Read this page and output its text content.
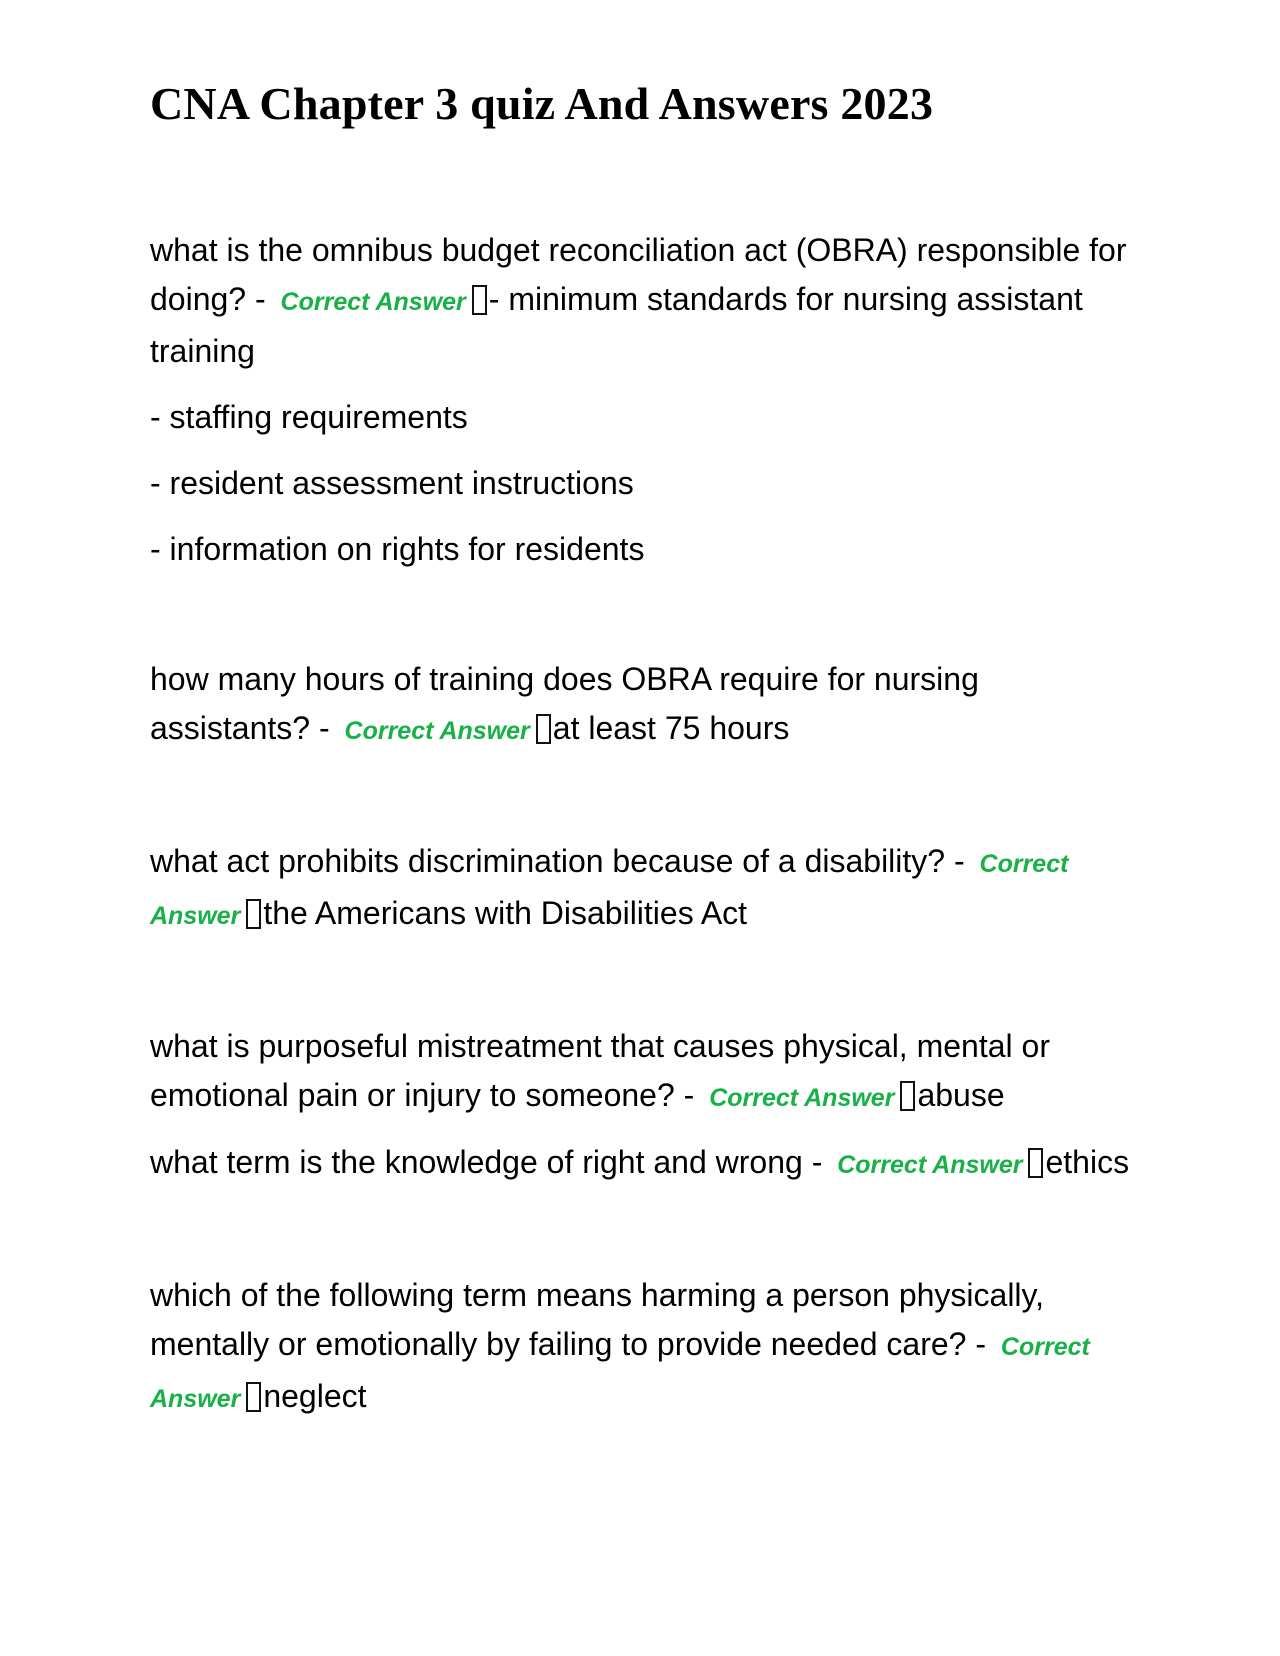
CNA Chapter 3 quiz And Answers 2023

what is the omnibus budget reconciliation act (OBRA) responsible for doing? - Correct Answer - minimum standards for nursing assistant training

- staffing requirements

- resident assessment instructions

- information on rights for residents

how many hours of training does OBRA require for nursing assistants? - Correct Answer at least 75 hours

what act prohibits discrimination because of a disability? - Correct Answer the Americans with Disabilities Act

what is purposeful mistreatment that causes physical, mental or emotional pain or injury to someone? - Correct Answer abuse

what term is the knowledge of right and wrong - Correct Answer ethics

which of the following term means harming a person physically, mentally or emotionally by failing to provide needed care? - Correct Answer neglect
